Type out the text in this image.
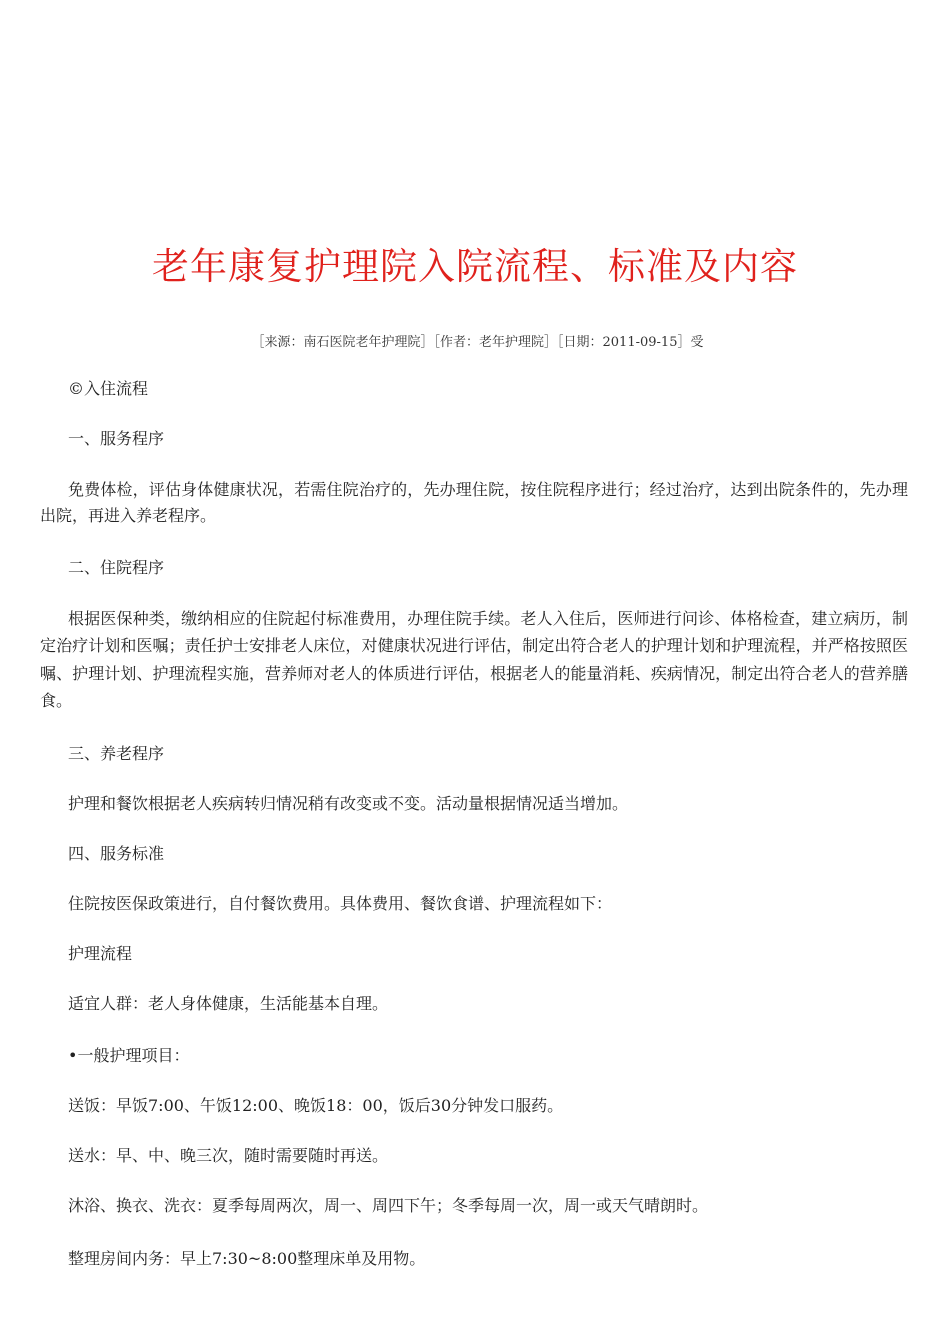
老年康复护理院入院流程、标准及内容
［来源：南石医院老年护理院］［作者：老年护理院］［日期：2011-09-15］受

©入住流程

一、服务程序

免费体检，评估身体健康状况，若需住院治疗的，先办理住院，按住院程序进行；经过治疗，达到出院条件的，先办理出院，再进入养老程序。

二、住院程序

根据医保种类，缴纳相应的住院起付标准费用，办理住院手续。老人入住后，医师进行问诊、体格检查，建立病历，制定治疗计划和医嘱；责任护士安排老人床位，对健康状况进行评估，制定出符合老人的护理计划和护理流程，并严格按照医嘱、护理计划、护理流程实施，营养师对老人的体质进行评估，根据老人的能量消耗、疾病情况，制定出符合老人的营养膳食。

三、养老程序

护理和餐饮根据老人疾病转归情况稍有改变或不变。活动量根据情况适当增加。

四、服务标准

住院按医保政策进行，自付餐饮费用。具体费用、餐饮食谱、护理流程如下：

护理流程

适宜人群：老人身体健康，生活能基本自理。

•一般护理项目：

送饭：早饭7:00、午饭12:00、晚饭18：00，饭后30分钟发口服药。

送水：早、中、晚三次，随时需要随时再送。

沐浴、换衣、洗衣：夏季每周两次，周一、周四下午；冬季每周一次，周一或天气晴朗时。

整理房间内务：早上7:30~8:00整理床单及用物。
